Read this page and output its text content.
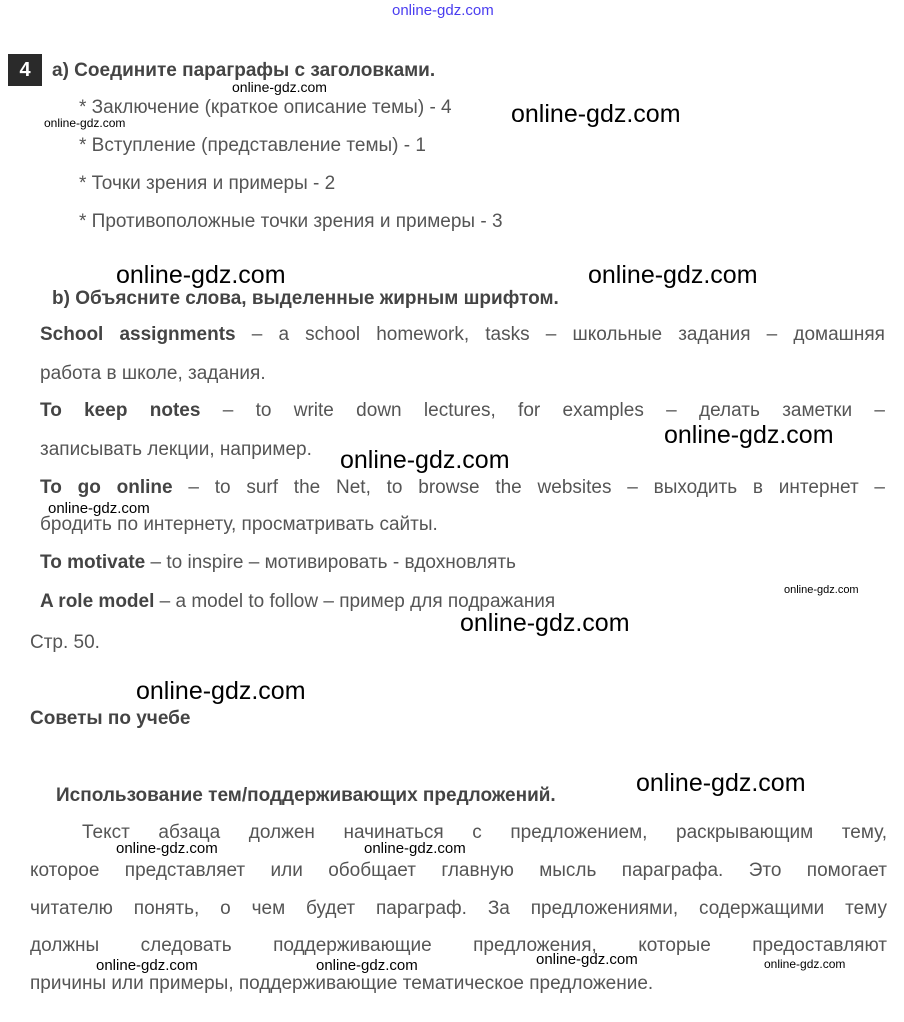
online-gdz.com
4	a) Соедините параграфы с заголовками.
* Заключение (краткое описание темы) - 4
* Вступление (представление темы) - 1
* Точки зрения и примеры - 2
* Противоположные точки зрения и примеры - 3
b) Объясните слова, выделенные жирным шрифтом.
School assignments – a school homework, tasks – школьные задания – домашняя
работа в школе, задания.
To keep notes – to write down lectures, for examples – делать заметки –
записывать лекции, например.
To go online – to surf the Net, to browse the websites – выходить в интернет –
бродить по интернету, просматривать сайты.
To motivate – to inspire – мотивировать - вдохновлять
A role model – a model to follow – пример для подражания
Стр. 50.
Советы по учебе
Использование тем/поддерживающих предложений.
Текст абзаца должен начинаться с предложением, раскрывающим тему,
которое представляет или обобщает главную мысль параграфа. Это помогает
читателю понять, о чем будет параграф. За предложениями, содержащими тему
должны следовать поддерживающие предложения, которые предоставляют
причины или примеры, поддерживающие тематическое предложение.
online-gdz.com
online-gdz.com	online-gdz.com
online-gdz.com	online-gdz.com
online-gdz.com
online-gdz.com
online-gdz.com
online-gdz.com
online-gdz.com
online-gdz.com
online-gdz.com
online-gdz.com	online-gdz.com
online-gdz.com
online-gdz.com	online-gdz.com	online-gdz.com
